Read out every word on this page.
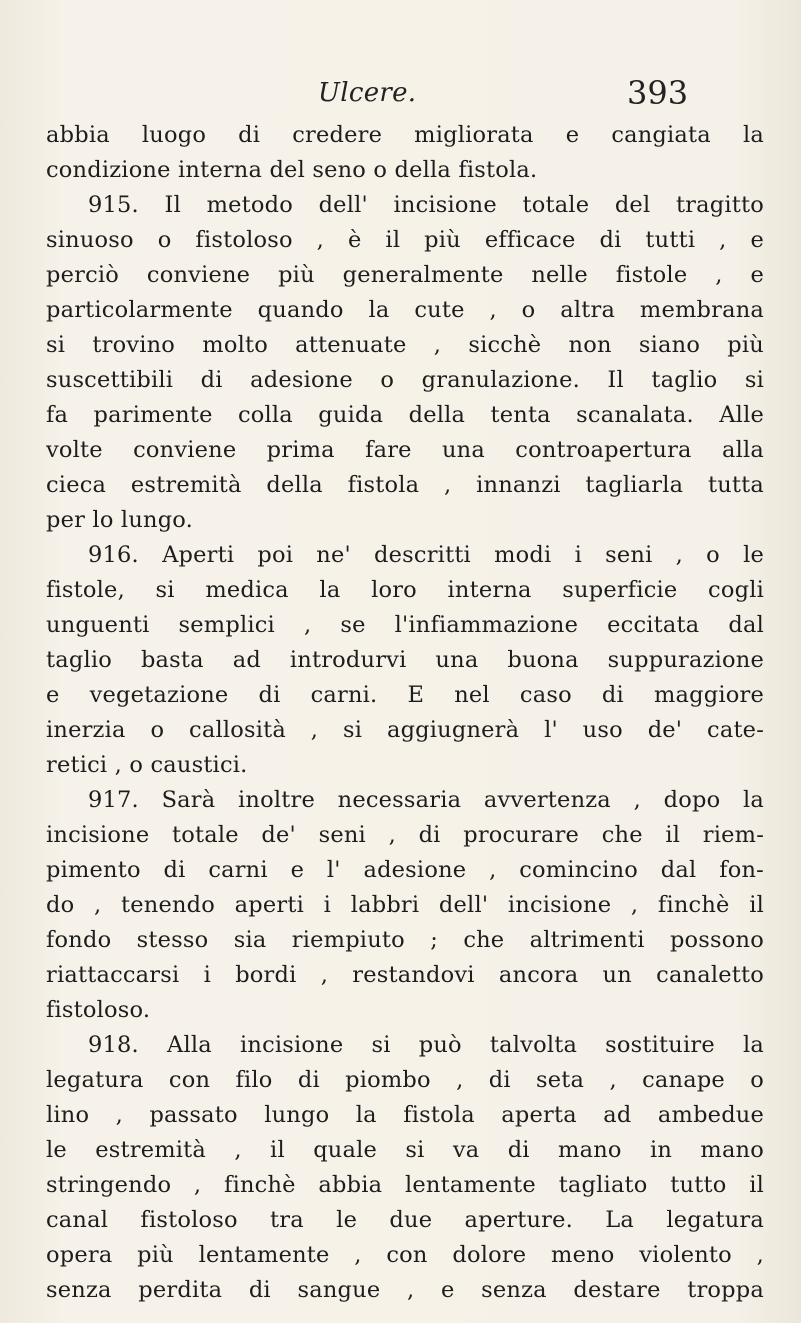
Ulcere.	393
abbia luogo di credere migliorata e cangiata la
condizione interna del seno o della fistola.
915. Il metodo dell' incisione totale del tragitto
sinuoso o fistoloso , è il più efficace di tutti , e
perciò conviene più generalmente nelle fistole , e
particolarmente quando la cute , o altra membrana
si trovino molto attenuate , sicchè non siano più
suscettibili di adesione o granulazione. Il taglio si
fa parimente colla guida della tenta scanalata. Alle
volte conviene prima fare una controapertura alla
cieca estremità della fistola , innanzi tagliarla tutta
per lo lungo.
916. Aperti poi ne' descritti modi i seni , o le
fistole, si medica la loro interna superficie cogli
unguenti semplici , se l'infiammazione eccitata dal
taglio basta ad introdurvi una buona suppurazione
e vegetazione di carni. E nel caso di maggiore
inerzia o callosità , si aggiugnerà l' uso de' cate-
retici , o caustici.
917. Sarà inoltre necessaria avvertenza , dopo la
incisione totale de' seni , di procurare che il riem-
pimento di carni e l' adesione , comincino dal fon-
do , tenendo aperti i labbri dell' incisione , finchè il
fondo stesso sia riempiuto ; che altrimenti possono
riattaccarsi i bordi , restandovi ancora un canaletto
fistoloso.
918. Alla incisione si può talvolta sostituire la
legatura con filo di piombo , di seta , canape o
lino , passato lungo la fistola aperta ad ambedue
le estremità , il quale si va di mano in mano
stringendo , finchè abbia lentamente tagliato tutto il
canal fistoloso tra le due aperture. La legatura
opera più lentamente , con dolore meno violento ,
senza perdita di sangue , e senza destare troppa
